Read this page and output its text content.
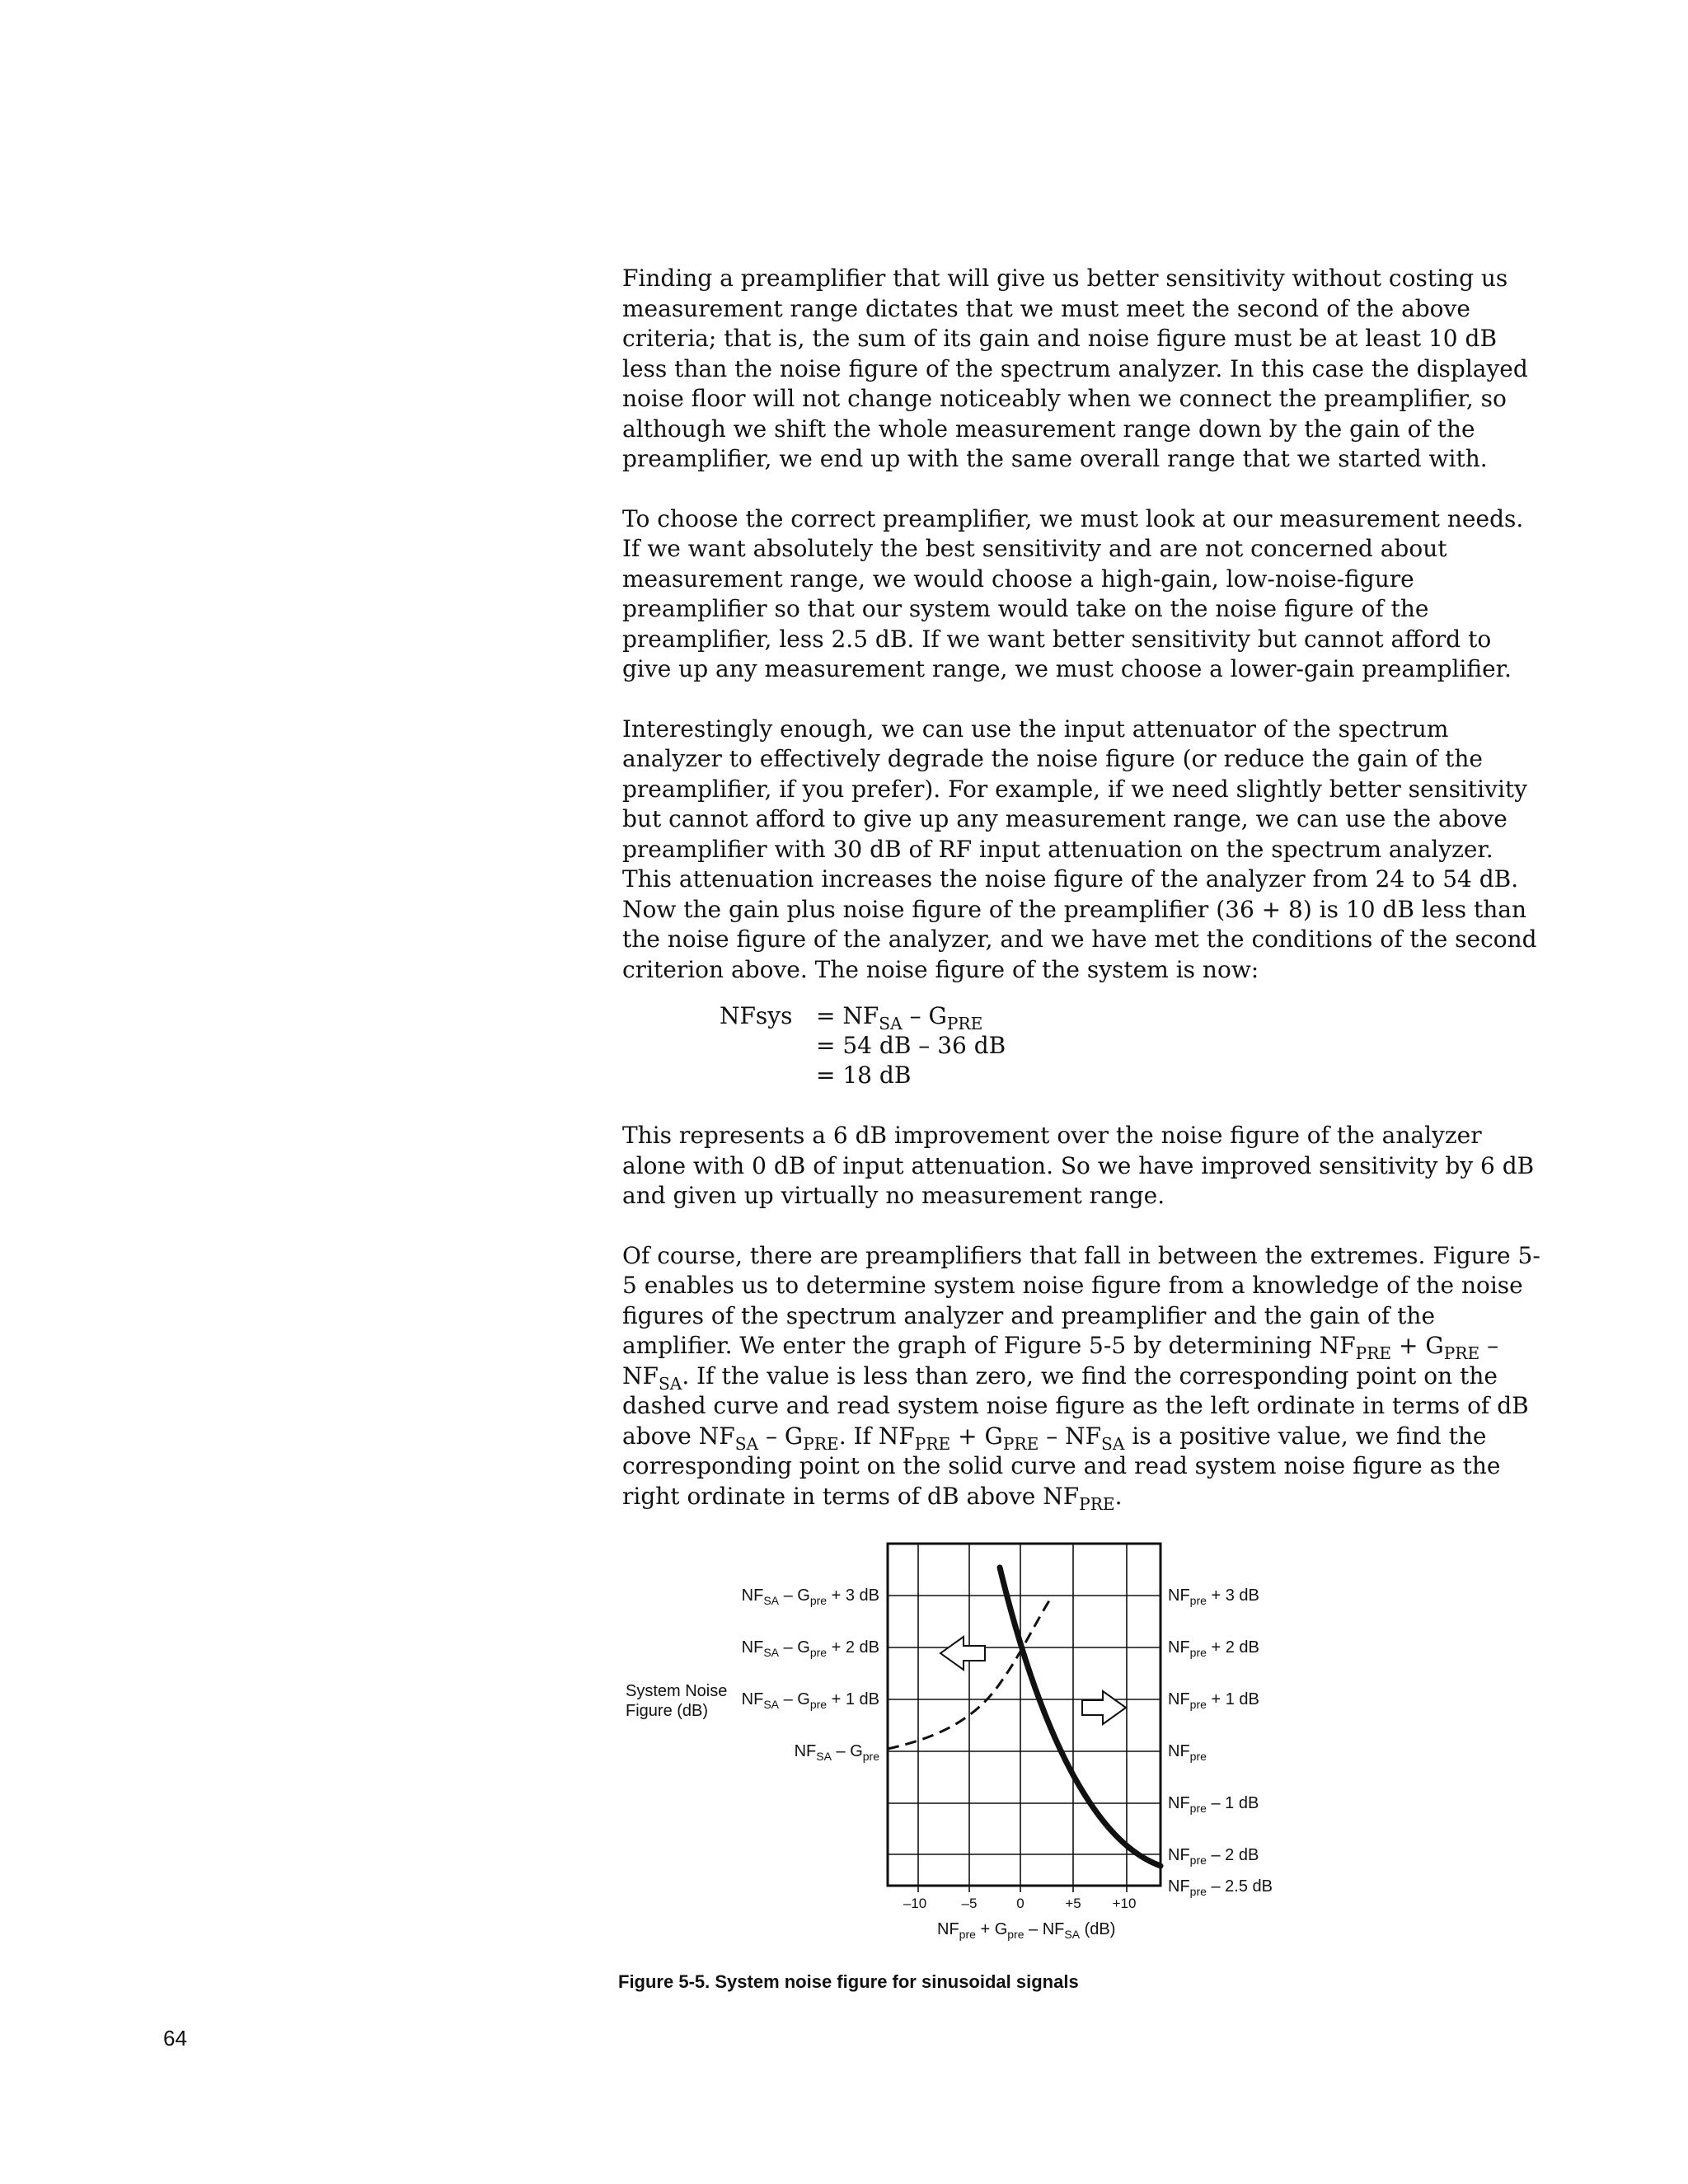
Finding a preamplifier that will give us better sensitivity without costing us measurement range dictates that we must meet the second of the above criteria; that is, the sum of its gain and noise figure must be at least 10 dB less than the noise figure of the spectrum analyzer. In this case the displayed noise floor will not change noticeably when we connect the preamplifier, so although we shift the whole measurement range down by the gain of the preamplifier, we end up with the same overall range that we started with.

To choose the correct preamplifier, we must look at our measurement needs. If we want absolutely the best sensitivity and are not concerned about measurement range, we would choose a high-gain, low-noise-figure preamplifier so that our system would take on the noise figure of the preamplifier, less 2.5 dB. If we want better sensitivity but cannot afford to give up any measurement range, we must choose a lower-gain preamplifier.

Interestingly enough, we can use the input attenuator of the spectrum analyzer to effectively degrade the noise figure (or reduce the gain of the preamplifier, if you prefer). For example, if we need slightly better sensitivity but cannot afford to give up any measurement range, we can use the above preamplifier with 30 dB of RF input attenuation on the spectrum analyzer. This attenuation increases the noise figure of the analyzer from 24 to 54 dB. Now the gain plus noise figure of the preamplifier (36 + 8) is 10 dB less than the noise figure of the analyzer, and we have met the conditions of the second criterion above. The noise figure of the system is now:

NFsys = $NF_{SA} - G_{PRE}$
= 54 dB – 36 dB
= 18 dB

This represents a 6 dB improvement over the noise figure of the analyzer alone with 0 dB of input attenuation. So we have improved sensitivity by 6 dB and given up virtually no measurement range.

Of course, there are preamplifiers that fall in between the extremes. Figure 5-5 enables us to determine system noise figure from a knowledge of the noise figures of the spectrum analyzer and preamplifier and the gain of the amplifier. We enter the graph of Figure 5-5 by determining $NF_{PRE} + G_{PRE} - NF_{SA}$. If the value is less than zero, we find the corresponding point on the dashed curve and read system noise figure as the left ordinate in terms of dB above $NF_{SA} - G_{PRE}$. If $NF_{PRE} + G_{PRE} - NF_{SA}$ is a positive value, we find the corresponding point on the solid curve and read system noise figure as the right ordinate in terms of dB above $NF_{PRE}$.

System Noise
Figure (dB)
$NF_{SA} - G_{pre} + 3$ dB
$NF_{SA} - G_{pre} + 2$ dB
$NF_{SA} - G_{pre} + 1$ dB
$NF_{SA} - G_{pre}$
$NF_{pre} + 3$ dB
$NF_{pre} + 2$ dB
$NF_{pre} + 1$ dB
$NF_{pre}$
$NF_{pre} - 1$ dB
$NF_{pre} - 2$ dB
$NF_{pre} - 2.5$ dB
–10 –5	0	+5 +10
$NF_{pre} + G_{pre} - NF_{SA}$ (dB)
Figure 5-5. System noise figure for sinusoidal signals
64
